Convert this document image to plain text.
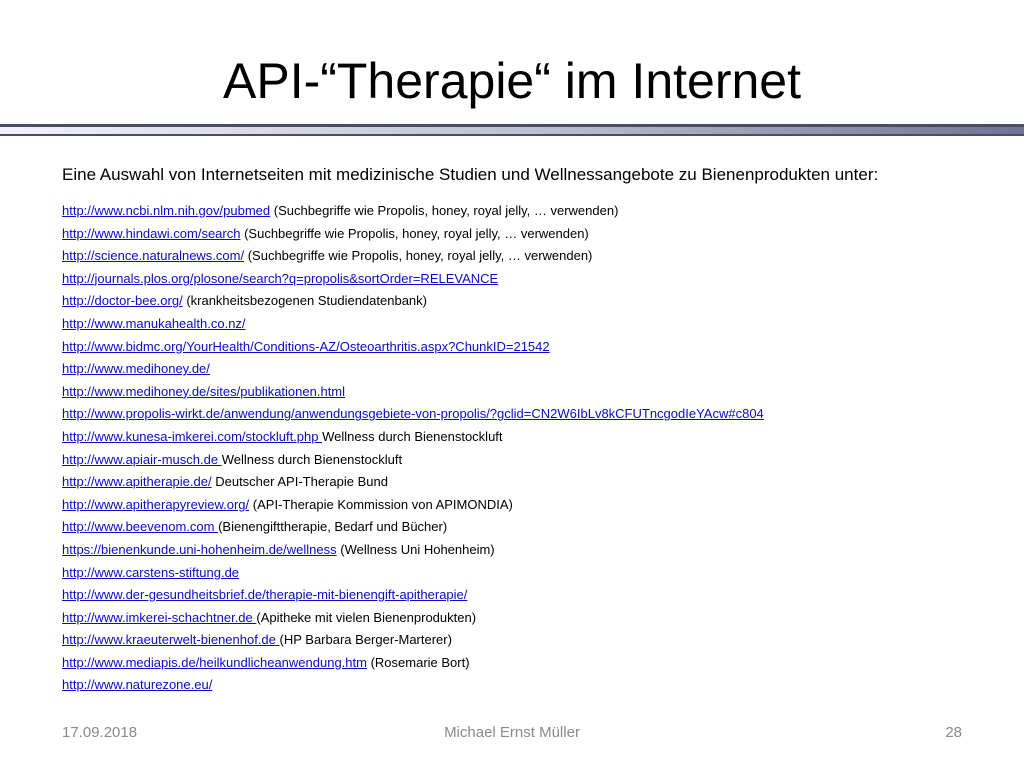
API-“Therapie“ im Internet
Eine Auswahl von Internetseiten mit medizinische Studien und Wellnessangebote zu Bienenprodukten unter:
http://www.ncbi.nlm.nih.gov/pubmed (Suchbegriffe wie Propolis, honey, royal jelly, … verwenden)
http://www.hindawi.com/search (Suchbegriffe wie Propolis, honey, royal jelly, … verwenden)
http://science.naturalnews.com/ (Suchbegriffe wie Propolis, honey, royal jelly, … verwenden)
http://journals.plos.org/plosone/search?q=propolis&sortOrder=RELEVANCE
http://doctor-bee.org/ (krankheitsbezogenen Studiendatenbank)
http://www.manukahealth.co.nz/
http://www.bidmc.org/YourHealth/Conditions-AZ/Osteoarthritis.aspx?ChunkID=21542
http://www.medihoney.de/
http://www.medihoney.de/sites/publikationen.html
http://www.propolis-wirkt.de/anwendung/anwendungsgebiete-von-propolis/?gclid=CN2W6IbLv8kCFUTncgodIeYAcw#c804
http://www.kunesa-imkerei.com/stockluft.php Wellness durch Bienenstockluft
http://www.apiair-musch.de Wellness durch Bienenstockluft
http://www.apitherapie.de/ Deutscher API-Therapie Bund
http://www.apitherapyreview.org/ (API-Therapie Kommission von APIMONDIA)
http://www.beevenom.com (Bienengifttherapie, Bedarf und Bücher)
https://bienenkunde.uni-hohenheim.de/wellness (Wellness Uni Hohenheim)
http://www.carstens-stiftung.de
http://www.der-gesundheitsbrief.de/therapie-mit-bienengift-apitherapie/
http://www.imkerei-schachtner.de (Apitheke mit vielen Bienenprodukten)
http://www.kraeuterwelt-bienenhof.de (HP Barbara Berger-Marterer)
http://www.mediapis.de/heilkundlicheanwendung.htm (Rosemarie Bort)
http://www.naturezone.eu/
17.09.2018	Michael Ernst Müller	28
